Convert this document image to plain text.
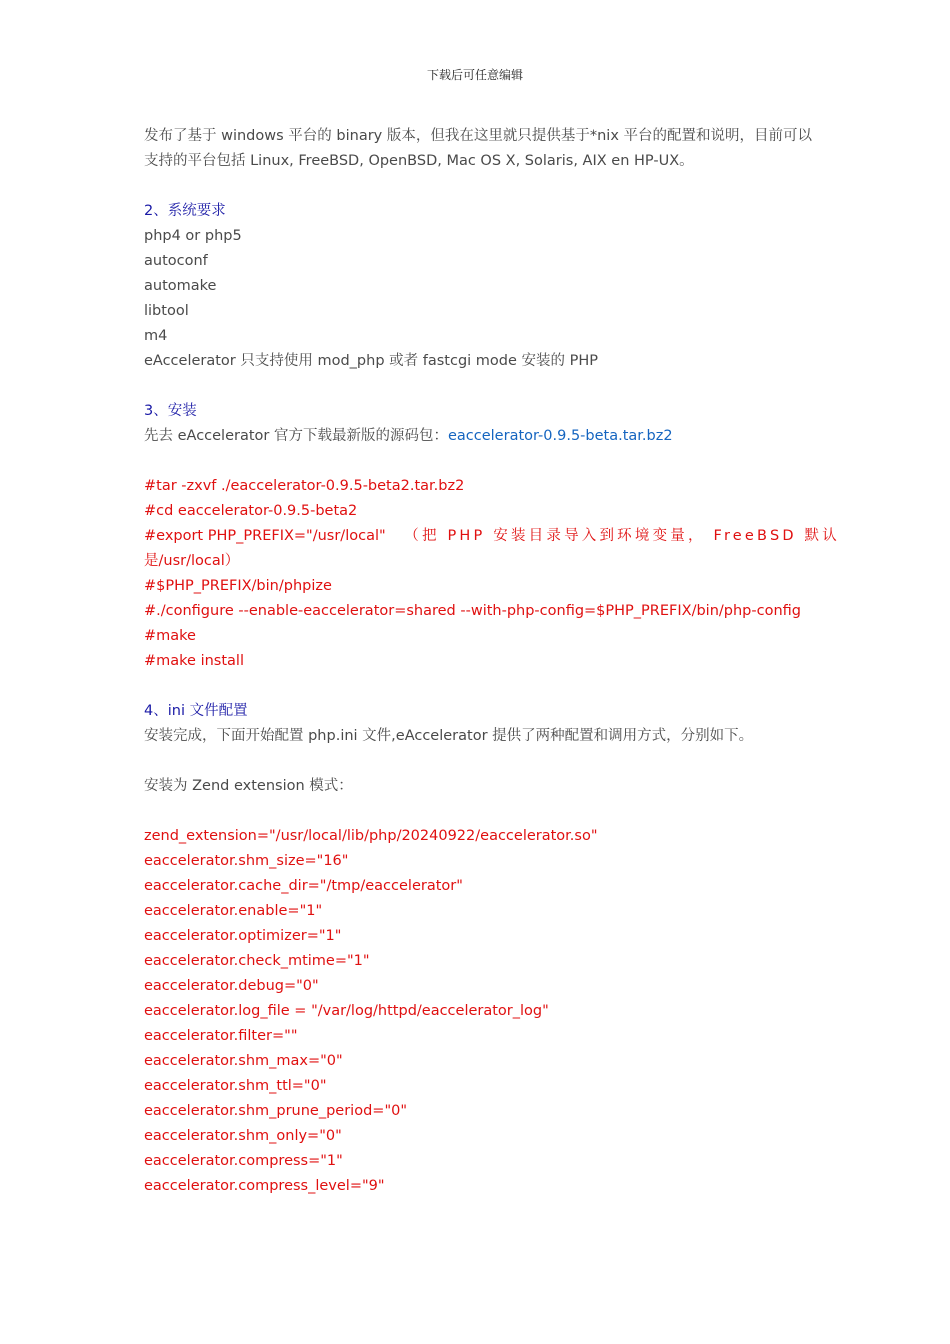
下载后可任意编辑

发布了基于 windows 平台的 binary 版本，但我在这里就只提供基于*nix 平台的配置和说明，目前可以

支持的平台包括 Linux, FreeBSD, OpenBSD, Mac OS X, Solaris, AIX en HP-UX。

2、系统要求

php4 or php5

autoconf

automake

libtool

m4

eAccelerator 只支持使用 mod_php 或者 fastcgi mode 安装的 PHP

3、安装

先去 eAccelerator 官方下载最新版的源码包：eaccelerator-0.9.5-beta.tar.bz2

#tar -zxvf ./eaccelerator-0.9.5-beta2.tar.bz2

#cd eaccelerator-0.9.5-beta2

#export PHP_PREFIX="/usr/local" （把 PHP 安装目录导入到环境变量， FreeBSD 默认

是/usr/local）

#$PHP_PREFIX/bin/phpize

#./configure --enable-eaccelerator=shared --with-php-config=$PHP_PREFIX/bin/php-config

#make

#make install

4、ini 文件配置

安装完成，下面开始配置 php.ini 文件,eAccelerator 提供了两种配置和调用方式，分别如下。

安装为 Zend extension 模式：

zend_extension="/usr/local/lib/php/20240922/eaccelerator.so"

eaccelerator.shm_size="16"

eaccelerator.cache_dir="/tmp/eaccelerator"

eaccelerator.enable="1"

eaccelerator.optimizer="1"

eaccelerator.check_mtime="1"

eaccelerator.debug="0"

eaccelerator.log_file = "/var/log/httpd/eaccelerator_log"

eaccelerator.filter=""

eaccelerator.shm_max="0"

eaccelerator.shm_ttl="0"

eaccelerator.shm_prune_period="0"

eaccelerator.shm_only="0"

eaccelerator.compress="1"

eaccelerator.compress_level="9"
